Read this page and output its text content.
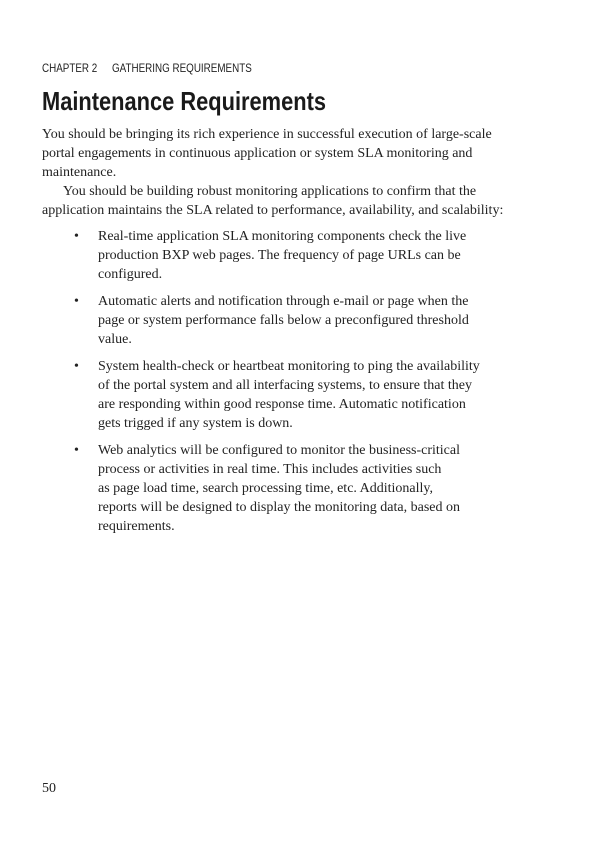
CHAPTER 2 GATHERING REQUIREMENTS
Maintenance Requirements

You should be bringing its rich experience in successful execution of large-scale
portal engagements in continuous application or system SLA monitoring and
maintenance.

You should be building robust monitoring applications to confirm that the
application maintains the SLA related to performance, availability, and scalability:

• Real-time application SLA monitoring components check the live
production BXP web pages. The frequency of page URLs can be
configured.
• Automatic alerts and notification through e-mail or page when the
page or system performance falls below a preconfigured threshold
value.
• System health-check or heartbeat monitoring to ping the availability
of the portal system and all interfacing systems, to ensure that they
are responding within good response time. Automatic notification
gets trigged if any system is down.
• Web analytics will be configured to monitor the business-critical
process or activities in real time. This includes activities such
as page load time, search processing time, etc. Additionally,
reports will be designed to display the monitoring data, based on
requirements.
50
